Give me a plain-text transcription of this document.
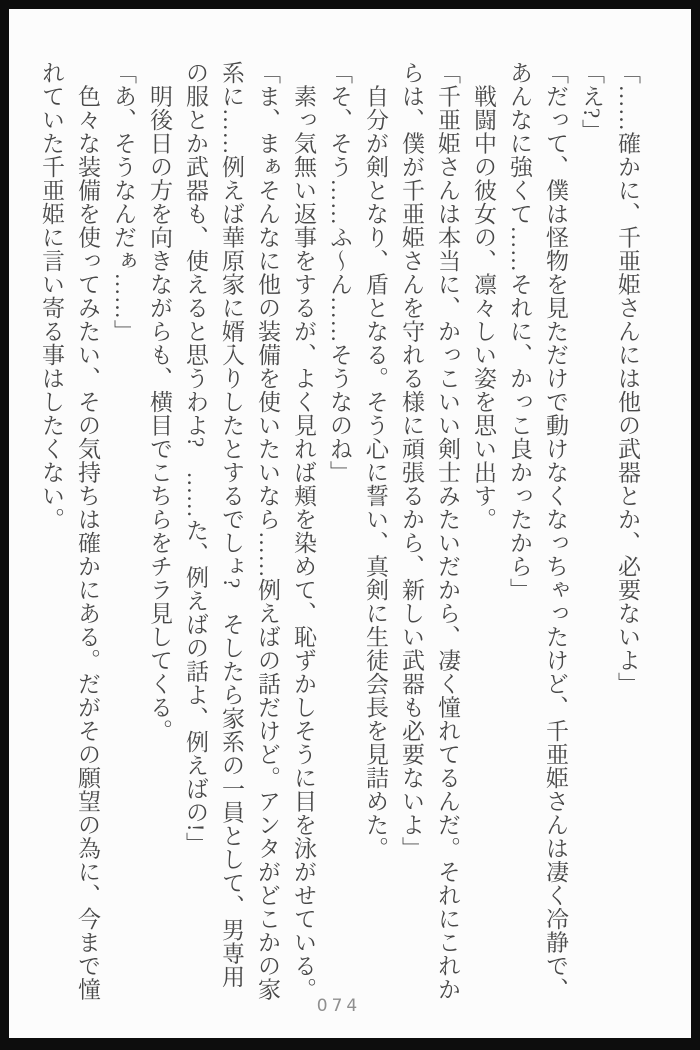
「……確かに、千亜姫さんには他の武器とか、必要ないよ」
「え?」
「だって、僕は怪物を見ただけで動けなくなっちゃったけど、千亜姫さんは凄く冷静で、
あんなに強くて……それに、かっこ良かったから」
　戦闘中の彼女の、凛々しい姿を思い出す。
「千亜姫さんは本当に、かっこいい剣士みたいだから、凄く憧れてるんだ。それにこれか
らは、僕が千亜姫さんを守れる様に頑張るから、新しい武器も必要ないよ」
　自分が剣となり、盾となる。そう心に誓い、真剣に生徒会長を見詰めた。
「そ、そう……ふ〜ん……そうなのね」
　素っ気無い返事をするが、よく見れば頬を染めて、恥ずかしそうに目を泳がせている。
「ま、まぁそんなに他の装備を使いたいなら……例えばの話だけど。アンタがどこかの家
系に……例えば華原家に婿入りしたとするでしょ?　そしたら家系の一員として、男専用
の服とか武器も、使えると思うわよ?　……た、例えばの話よ、例えばの!」
　明後日の方を向きながらも、横目でこちらをチラ見してくる。
「あ、そうなんだぁ……」
　色々な装備を使ってみたい、その気持ちは確かにある。だがその願望の為に、今まで憧
れていた千亜姫に言い寄る事はしたくない。
074
